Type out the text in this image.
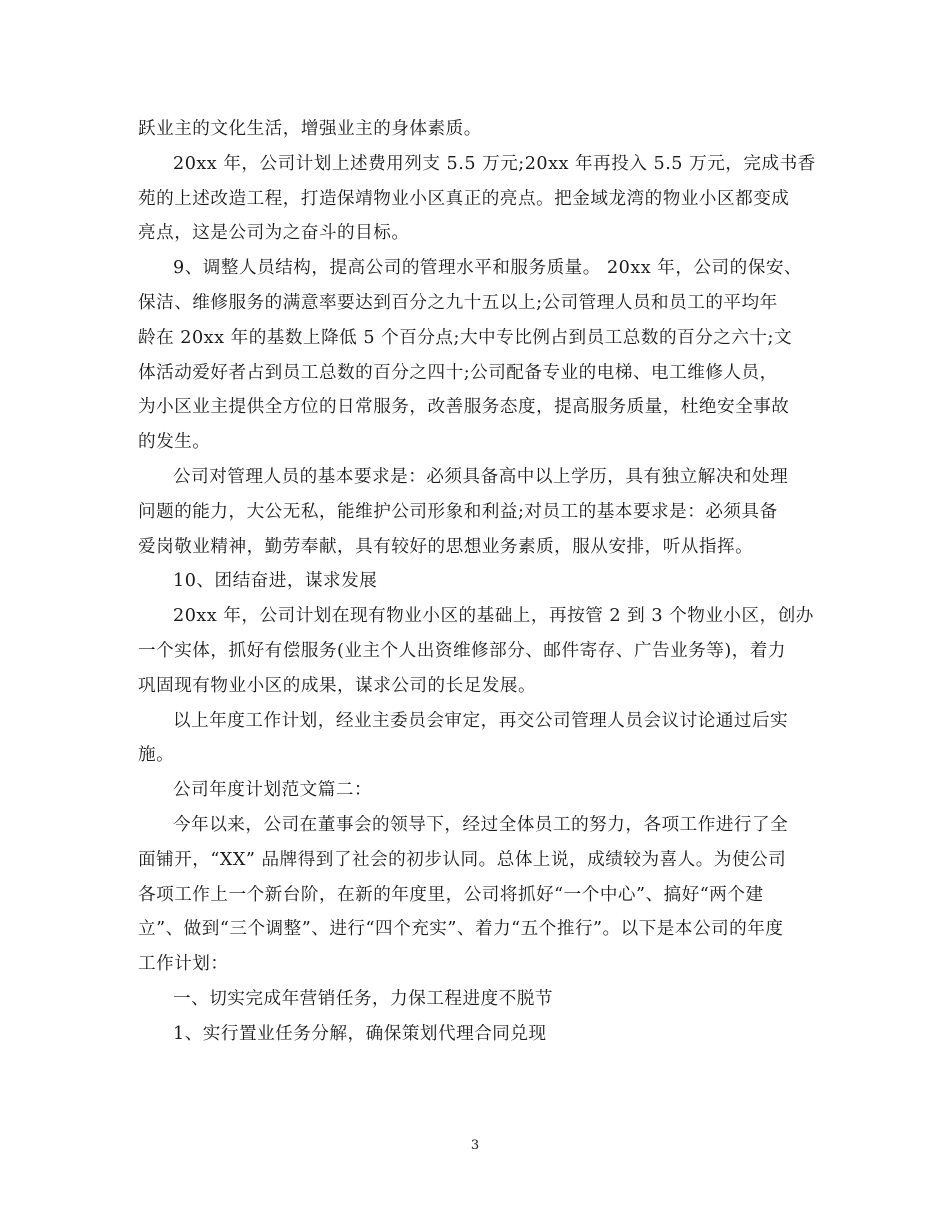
跃业主的文化生活，增强业主的身体素质。
20xx 年，公司计划上述费用列支 5.5 万元;20xx 年再投入 5.5 万元，完成书香
苑的上述改造工程，打造保靖物业小区真正的亮点。把金域龙湾的物业小区都变成
亮点，这是公司为之奋斗的目标。
9、调整人员结构，提高公司的管理水平和服务质量。 20xx 年，公司的保安、
保洁、维修服务的满意率要达到百分之九十五以上;公司管理人员和员工的平均年
龄在 20xx 年的基数上降低 5 个百分点;大中专比例占到员工总数的百分之六十;文
体活动爱好者占到员工总数的百分之四十;公司配备专业的电梯、电工维修人员，
为小区业主提供全方位的日常服务，改善服务态度，提高服务质量，杜绝安全事故
的发生。
公司对管理人员的基本要求是：必须具备高中以上学历，具有独立解决和处理
问题的能力，大公无私，能维护公司形象和利益;对员工的基本要求是：必须具备
爱岗敬业精神，勤劳奉献，具有较好的思想业务素质，服从安排，听从指挥。
10、团结奋进，谋求发展
20xx 年，公司计划在现有物业小区的基础上，再按管 2 到 3 个物业小区，创办
一个实体，抓好有偿服务(业主个人出资维修部分、邮件寄存、广告业务等)，着力
巩固现有物业小区的成果，谋求公司的长足发展。
以上年度工作计划，经业主委员会审定，再交公司管理人员会议讨论通过后实
施。
公司年度计划范文篇二：
今年以来，公司在董事会的领导下，经过全体员工的努力，各项工作进行了全
面铺开，“XX” 品牌得到了社会的初步认同。总体上说，成绩较为喜人。为使公司
各项工作上一个新台阶，在新的年度里，公司将抓好“一个中心”、搞好“两个建
立”、做到“三个调整”、进行“四个充实”、着力“五个推行”。以下是本公司的年度
工作计划：
一、切实完成年营销任务，力保工程进度不脱节
1、实行置业任务分解，确保策划代理合同兑现
3
